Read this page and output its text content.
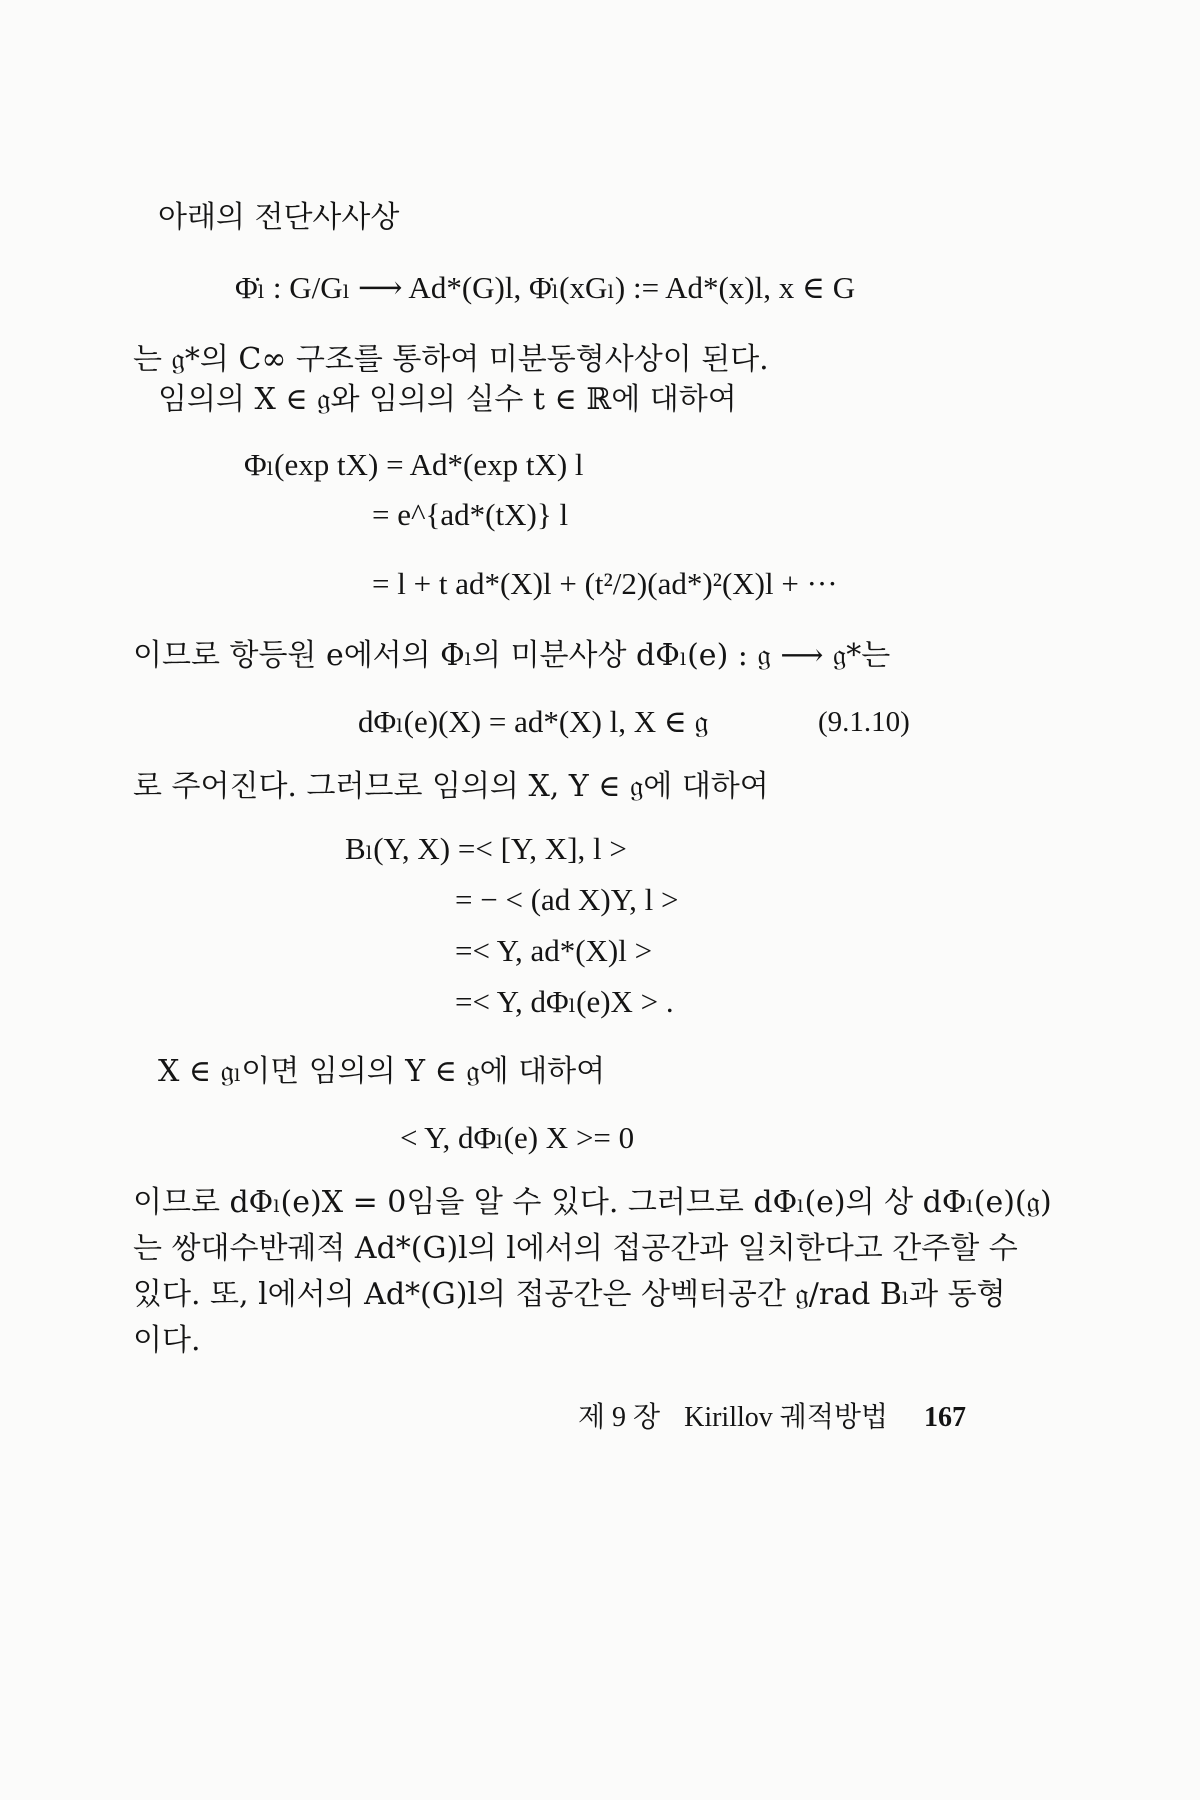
아래의 전단사사상
Φ̇ₗ : G/Gₗ ⟶ Ad*(G)l, Φ̇ₗ(xGₗ) := Ad*(x)l, x ∈ G
는 𝔤*의 C∞ 구조를 통하여 미분동형사상이 된다.
임의의 X ∈ 𝔤와 임의의 실수 t ∈ ℝ에 대하여
Φₗ(exp tX) = Ad*(exp tX) l
= e^{ad*(tX)} l
= l + t ad*(X)l + (t²/2)(ad*)²(X)l + ···
이므로 항등원 e에서의 Φₗ의 미분사상 dΦₗ(e) : 𝔤 ⟶ 𝔤*는
dΦₗ(e)(X) = ad*(X) l, X ∈ 𝔤	(9.1.10)
로 주어진다. 그러므로 임의의 X, Y ∈ 𝔤에 대하여
Bₗ(Y, X) =< [Y, X], l >
= − < (ad X)Y, l >
=< Y, ad*(X)l >
=< Y, dΦₗ(e)X > .
X ∈ 𝔤ₗ이면 임의의 Y ∈ 𝔤에 대하여
< Y, dΦₗ(e) X >= 0
이므로 dΦₗ(e)X = 0임을 알 수 있다. 그러므로 dΦₗ(e)의 상 dΦₗ(e)(𝔤)
는 쌍대수반궤적 Ad*(G)l의 l에서의 접공간과 일치한다고 간주할 수
있다. 또, l에서의 Ad*(G)l의 접공간은 상벡터공간 𝔤/rad Bₗ과 동형
이다.
제 9 장 Kirillov 궤적방법 167
